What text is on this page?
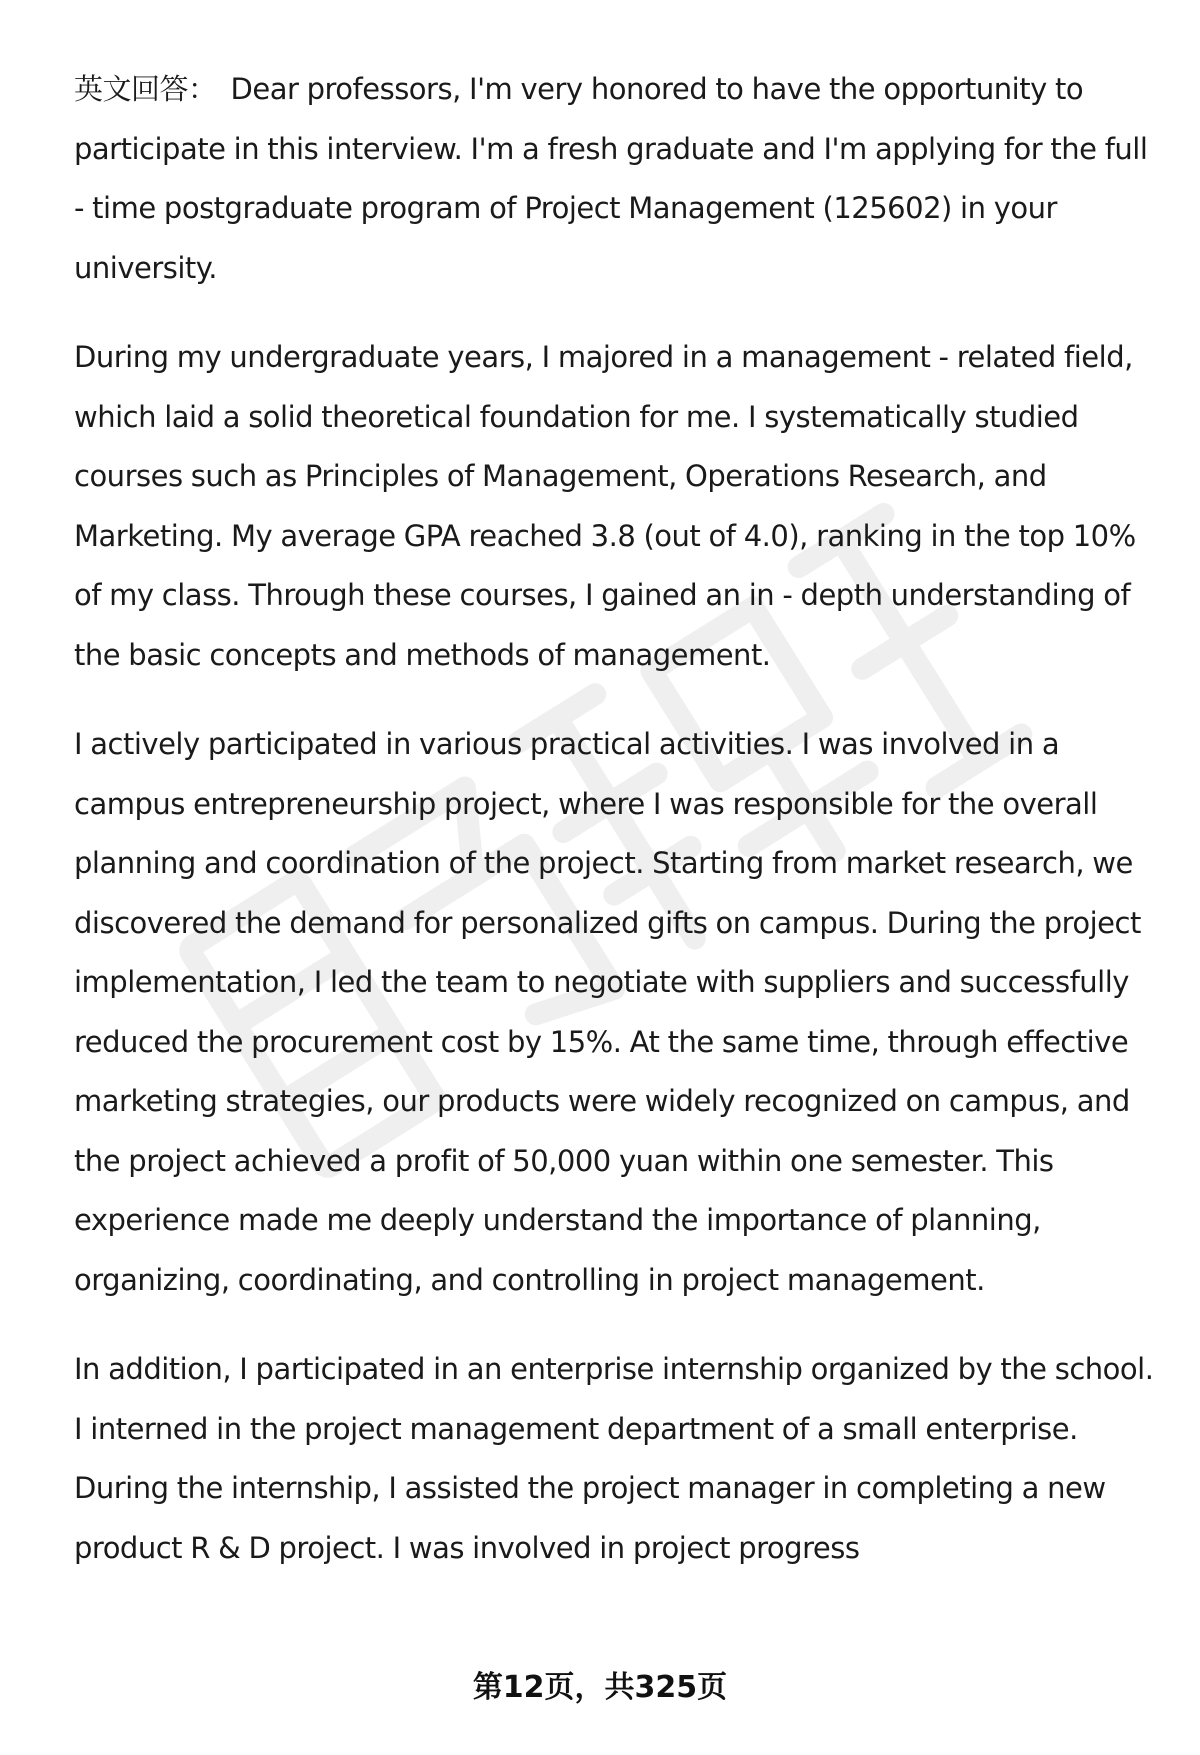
英文回答： Dear professors, I'm very honored to have the opportunity to participate in this interview. I'm a fresh graduate and I'm applying for the full - time postgraduate program of Project Management (125602) in your university.

During my undergraduate years, I majored in a management - related field, which laid a solid theoretical foundation for me. I systematically studied courses such as Principles of Management, Operations Research, and Marketing. My average GPA reached 3.8 (out of 4.0), ranking in the top 10% of my class. Through these courses, I gained an in - depth understanding of the basic concepts and methods of management.

I actively participated in various practical activities. I was involved in a campus entrepreneurship project, where I was responsible for the overall planning and coordination of the project. Starting from market research, we discovered the demand for personalized gifts on campus. During the project implementation, I led the team to negotiate with suppliers and successfully reduced the procurement cost by 15%. At the same time, through effective marketing strategies, our products were widely recognized on campus, and the project achieved a profit of 50,000 yuan within one semester. This experience made me deeply understand the importance of planning, organizing, coordinating, and controlling in project management.

In addition, I participated in an enterprise internship organized by the school. I interned in the project management department of a small enterprise. During the internship, I assisted the project manager in completing a new product R & D project. I was involved in project progress

第12页，共325页
